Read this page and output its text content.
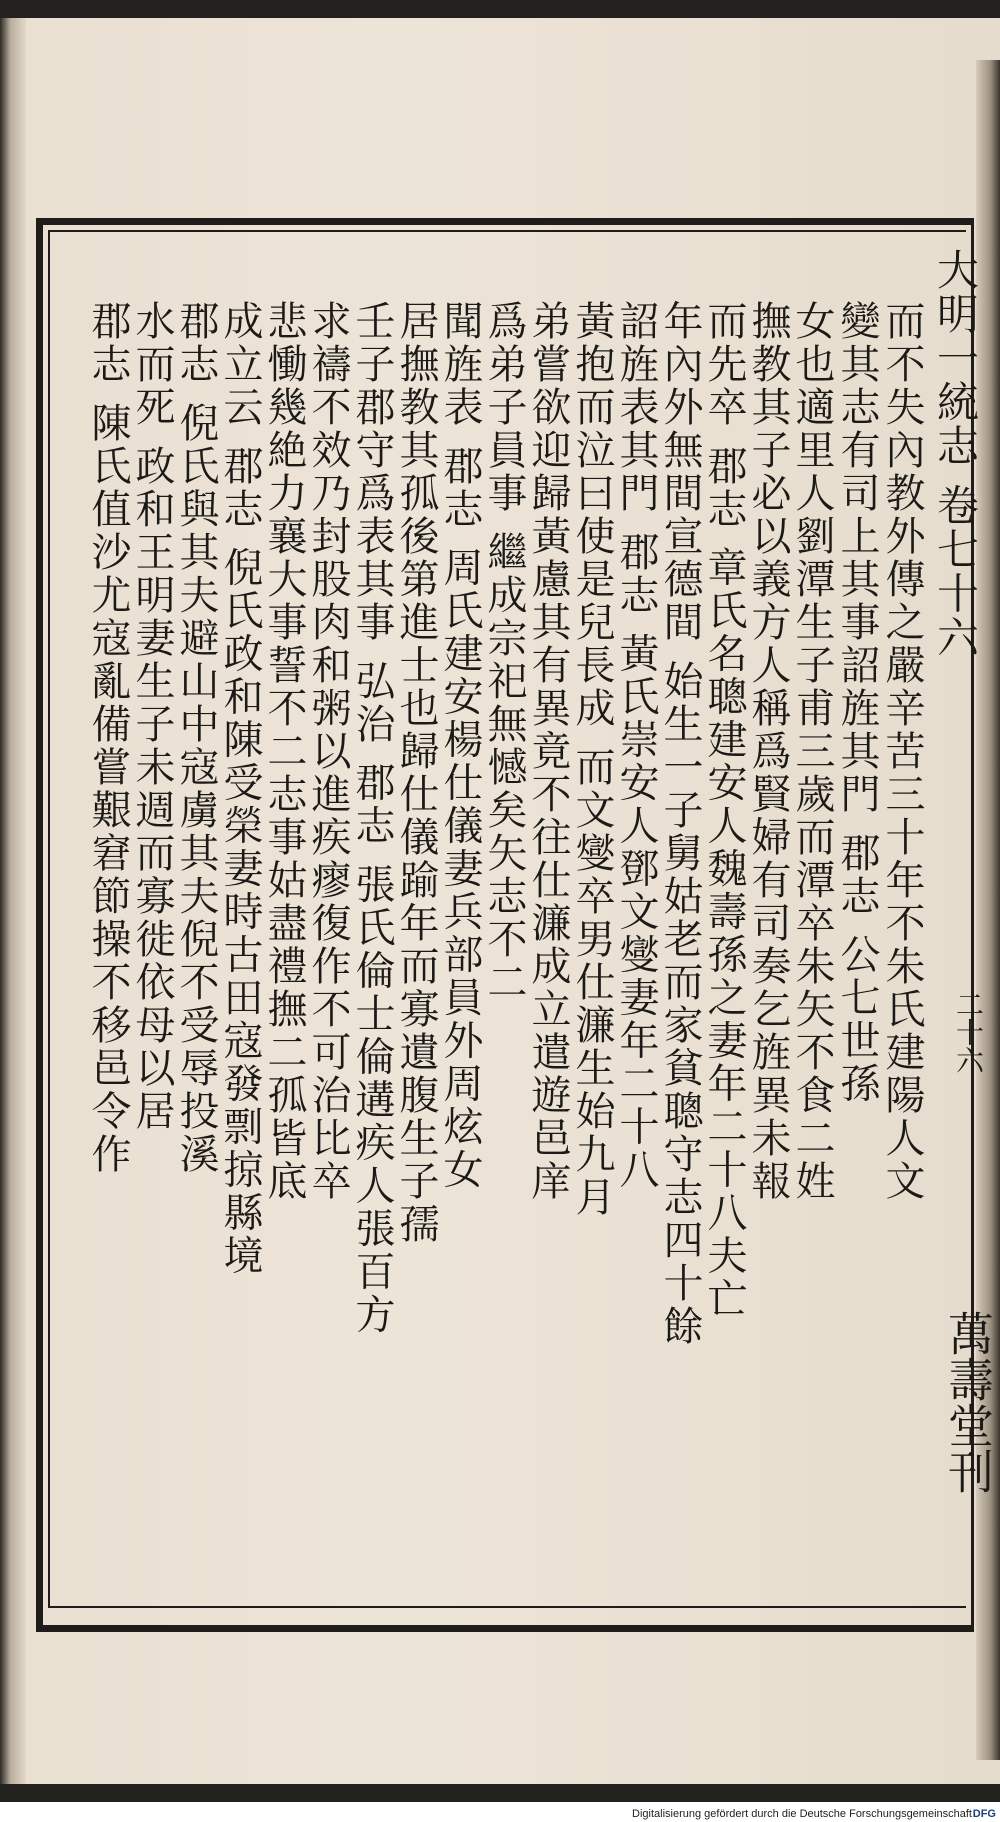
大明一統志 卷七十六
二十六
萬壽堂刊
而不失內教外傳之嚴辛苦三十年不朱氏建陽人文
變其志有司上其事詔旌其門 郡志 公七世孫
女也適里人劉潭生子甫三歲而潭卒朱矢不食二姓
撫教其子必以義方人稱爲賢婦有司奏乞旌異未報
而先卒 郡志 章氏名聰建安人魏壽孫之妻年二十八夫亡
年內外無間宣德間 始生一子舅姑老而家貧聰守志四十餘
詔旌表其門 郡志 黃氏崇安人鄧文燮妻年二十八
黃抱而泣曰使是兒長成 而文燮卒男仕濂生始九月
弟嘗欲迎歸黃慮其有異竟不往仕濂成立遣遊邑庠
爲弟子員事 繼成宗祀無憾矣矢志不二
聞旌表 郡志 周氏建安楊仕儀妻兵部員外周炫女
居撫教其孤後第進士也歸仕儀踰年而寡遺腹生子孺
壬子郡守爲表其事 弘治 郡志 張氏倫士倫遘疾人張百方
求禱不效乃封股肉和粥以進疾瘳復作不可治比卒
悲慟幾絶力襄大事誓不二志事姑盡禮撫二孤皆底
成立云 郡志 倪氏政和陳受榮妻時古田寇發剽掠縣境
郡志 倪氏與其夫避山中寇虜其夫倪不受辱投溪
水而死 政和王明妻生子未週而寡徙依母以居
郡志 陳氏值沙尤寇亂備嘗艱窘節操不移邑令作
Digitalisierung gefördert durch die Deutsche Forschungsgemeinschaft DFG
